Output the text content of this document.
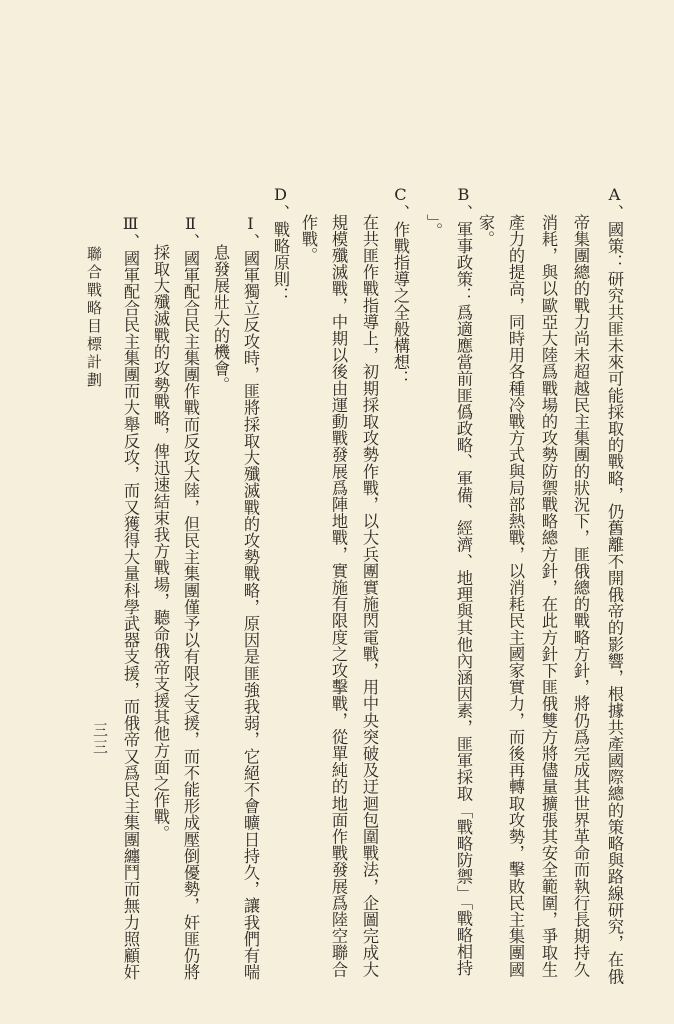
A、國策：研究共匪未來可能採取的戰略，仍舊離不開俄帝的影響，根據共產國際總的策略與路線研究，在俄
帝集團總的戰力尚未超越民主集團的狀況下，匪俄總的戰略方針，將仍爲完成其世界革命而執行長期持久
消耗，與以歐亞大陸爲戰場的攻勢防禦戰略總方針，在此方針下匪俄雙方將儘量擴張其安全範圍，爭取生
產力的提高，同時用各種冷戰方式與局部熱戰，以消耗民主國家實力，而後再轉取攻勢，擊敗民主集團國
家。
B、軍事政策：爲適應當前匪僞政略、軍備、經濟、地理與其他內涵因素，匪軍採取「戰略防禦」「戰略相持
」。
C、作戰指導之全般構想：
在共匪作戰指導上，初期採取攻勢作戰，以大兵團實施閃電戰，用中央突破及迂迴包圍戰法，企圖完成大
規模殲滅戰，中期以後由運動戰發展爲陣地戰，實施有限度之攻擊戰，從單純的地面作戰發展爲陸空聯合
作戰。
D、戰略原則：
Ⅰ、國軍獨立反攻時，匪將採取大殲滅戰的攻勢戰略，原因是匪強我弱，它絕不會曠日持久，讓我們有喘
息發展壯大的機會。
Ⅱ、國軍配合民主集團作戰而反攻大陸，但民主集團僅予以有限之支援，而不能形成壓倒優勢，奸匪仍將
採取大殲滅戰的攻勢戰略，俾迅速結束我方戰場，聽命俄帝支援其他方面之作戰。
Ⅲ、國軍配合民主集團而大舉反攻，而又獲得大量科學武器支援，而俄帝又爲民主集團纏鬥而無力照顧奸
聯合戰略目標計劃
三三
